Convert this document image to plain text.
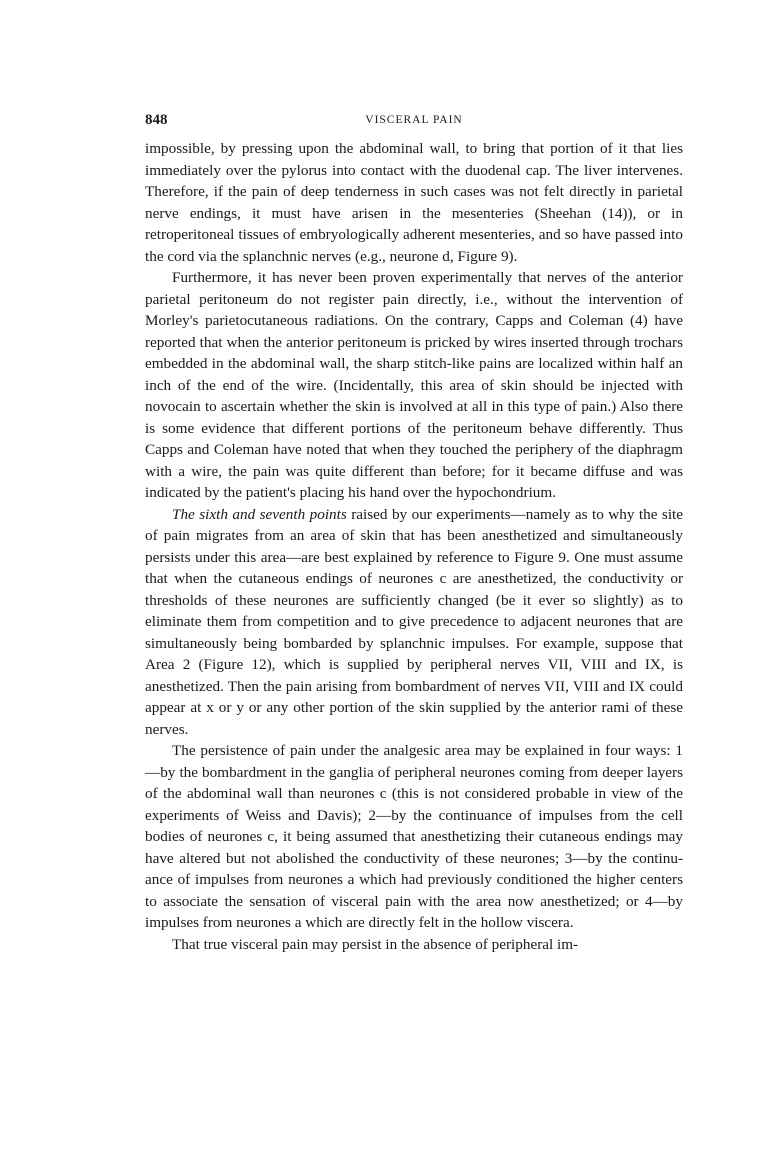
848	VISCERAL PAIN

impossible, by pressing upon the abdominal wall, to bring that portion of it that lies immediately over the pylorus into contact with the duodenal cap. The liver intervenes. Therefore, if the pain of deep tenderness in such cases was not felt directly in parietal nerve endings, it must have arisen in the mesenteries (Sheehan (14)), or in retroperitoneal tissues of embryologically adherent mesenteries, and so have passed into the cord via the splanchnic nerves (e.g., neurone d, Figure 9).

Furthermore, it has never been proven experimentally that nerves of the anterior parietal peritoneum do not register pain directly, i.e., without the intervention of Morley's parietocutaneous radiations. On the contrary, Capps and Coleman (4) have reported that when the anterior peritoneum is pricked by wires inserted through trochars embedded in the abdominal wall, the sharp stitch-like pains are localized within half an inch of the end of the wire. (Incidentally, this area of skin should be injected with novocain to ascertain whether the skin is involved at all in this type of pain.) Also there is some evidence that different portions of the peritoneum behave differently. Thus Capps and Coleman have noted that when they touched the periphery of the diaphragm with a wire, the pain was quite different than before; for it became diffuse and was indicated by the patient's placing his hand over the hypochondrium.

The sixth and seventh points raised by our experiments—namely as to why the site of pain migrates from an area of skin that has been anesthetized and simultaneously persists under this area—are best explained by reference to Figure 9. One must assume that when the cutaneous endings of neurones c are anesthetized, the conductivity or thresholds of these neurones are sufficiently changed (be it ever so slightly) as to eliminate them from competition and to give precedence to adjacent neurones that are simultaneously being bombarded by splanchnic impulses. For example, suppose that Area 2 (Figure 12), which is supplied by peripheral nerves VII, VIII and IX, is anesthetized. Then the pain arising from bombardment of nerves VII, VIII and IX could appear at x or y or any other portion of the skin supplied by the anterior rami of these nerves.

The persistence of pain under the analgesic area may be explained in four ways: 1—by the bombardment in the ganglia of peripheral neurones coming from deeper layers of the abdominal wall than neurones c (this is not considered probable in view of the experiments of Weiss and Davis); 2—by the continuance of impulses from the cell bodies of neurones c, it being assumed that anesthetizing their cutaneous endings may have altered but not abolished the conductivity of these neurones; 3—by the continuance of impulses from neurones a which had previously conditioned the higher centers to associate the sensation of visceral pain with the area now anesthetized; or 4—by impulses from neurones a which are directly felt in the hollow viscera.

That true visceral pain may persist in the absence of peripheral im-
